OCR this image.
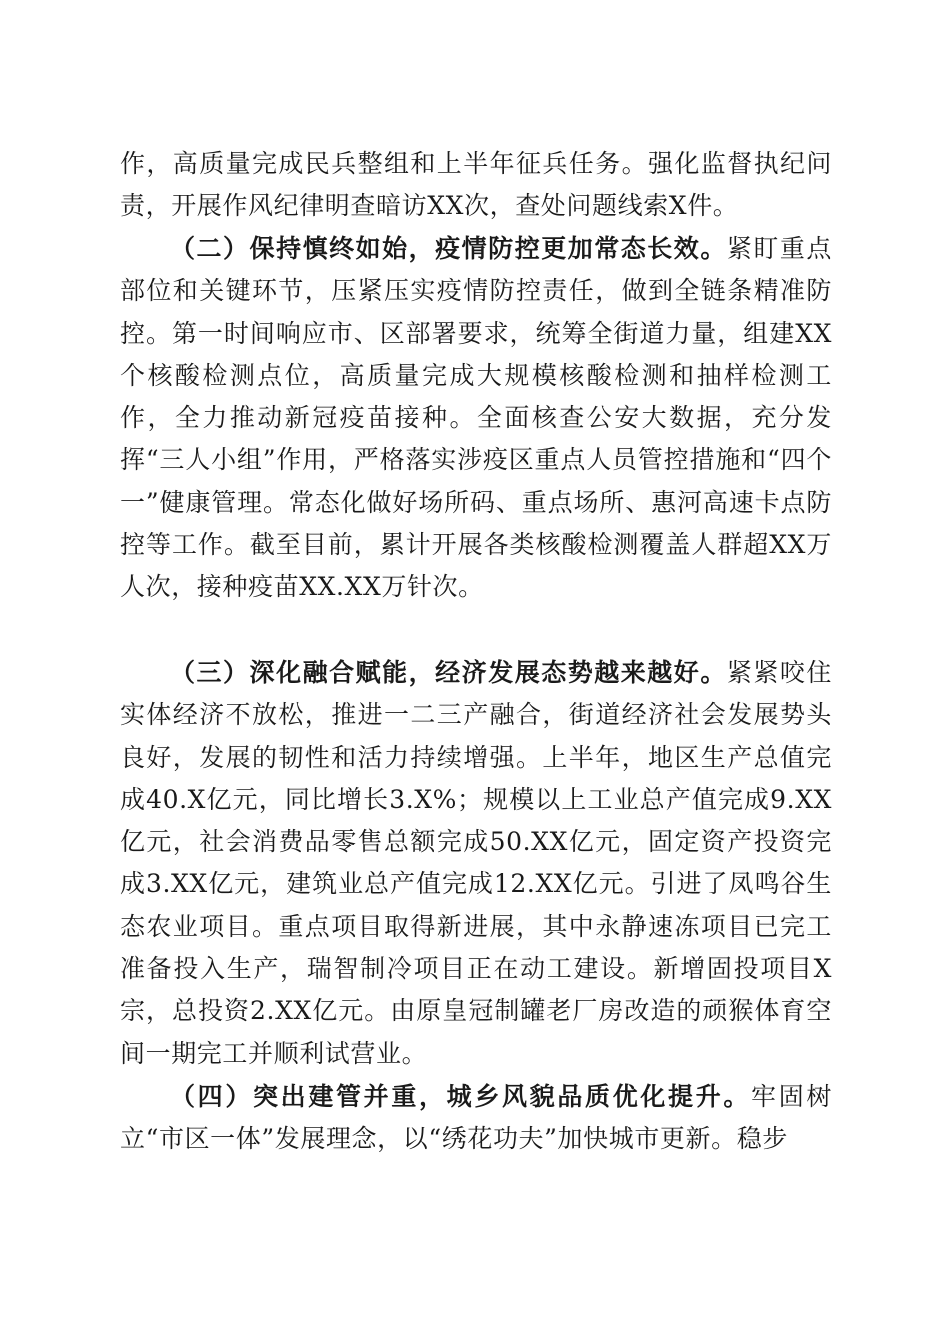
作，高质量完成民兵整组和上半年征兵任务。强化监督执纪问责，开展作风纪律明查暗访XX次，查处问题线索X件。

（二）保持慎终如始，疫情防控更加常态长效。紧盯重点部位和关键环节，压紧压实疫情防控责任，做到全链条精准防控。第一时间响应市、区部署要求，统筹全街道力量，组建XX个核酸检测点位，高质量完成大规模核酸检测和抽样检测工作，全力推动新冠疫苗接种。全面核查公安大数据，充分发挥“三人小组”作用，严格落实涉疫区重点人员管控措施和“四个一”健康管理。常态化做好场所码、重点场所、惠河高速卡点防控等工作。截至目前，累计开展各类核酸检测覆盖人群超XX万人次，接种疫苗XX.XX万针次。

（三）深化融合赋能，经济发展态势越来越好。紧紧咬住实体经济不放松，推进一二三产融合，街道经济社会发展势头良好，发展的韧性和活力持续增强。上半年，地区生产总值完成40.X亿元，同比增长3.X%；规模以上工业总产值完成9.XX亿元，社会消费品零售总额完成50.XX亿元，固定资产投资完成3.XX亿元，建筑业总产值完成12.XX亿元。引进了凤鸣谷生态农业项目。重点项目取得新进展，其中永静速冻项目已完工准备投入生产，瑞智制冷项目正在动工建设。新增固投项目X宗，总投资2.XX亿元。由原皇冠制罐老厂房改造的顽猴体育空间一期完工并顺利试营业。

（四）突出建管并重，城乡风貌品质优化提升。牢固树立“市区一体”发展理念，以“绣花功夫”加快城市更新。稳步
